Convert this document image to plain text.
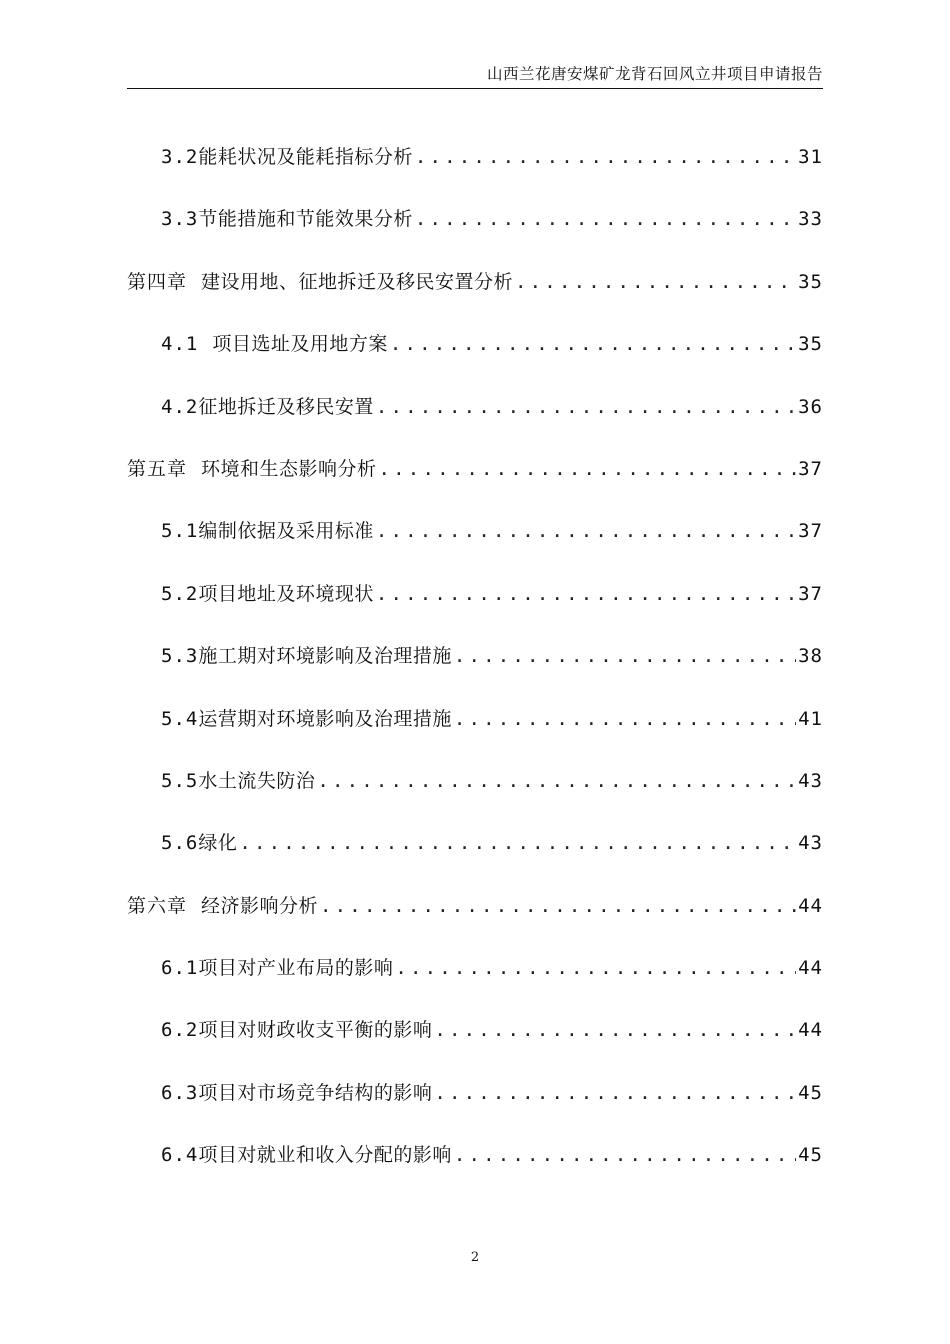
山西兰花唐安煤矿龙背石回风立井项目申请报告
3.2 能耗状况及能耗指标分析 .....	31
3.3 节能措施和节能效果分析 .....	33
第四章 建设用地、征地拆迁及移民安置分析 .....	35
4.1 项目选址及用地方案 .....	35
4.2 征地拆迁及移民安置 .....	36
第五章 环境和生态影响分析 .....	37
5.1 编制依据及采用标准 .....	37
5.2 项目地址及环境现状 .....	37
5.3 施工期对环境影响及治理措施 .....	38
5.4 运营期对环境影响及治理措施 .....	41
5.5 水土流失防治 .....	43
5.6 绿化 .....	43
第六章 经济影响分析 .....	44
6.1 项目对产业布局的影响 .....	44
6.2 项目对财政收支平衡的影响 .....	44
6.3 项目对市场竞争结构的影响 .....	45
6.4 项目对就业和收入分配的影响 .....	45
2
